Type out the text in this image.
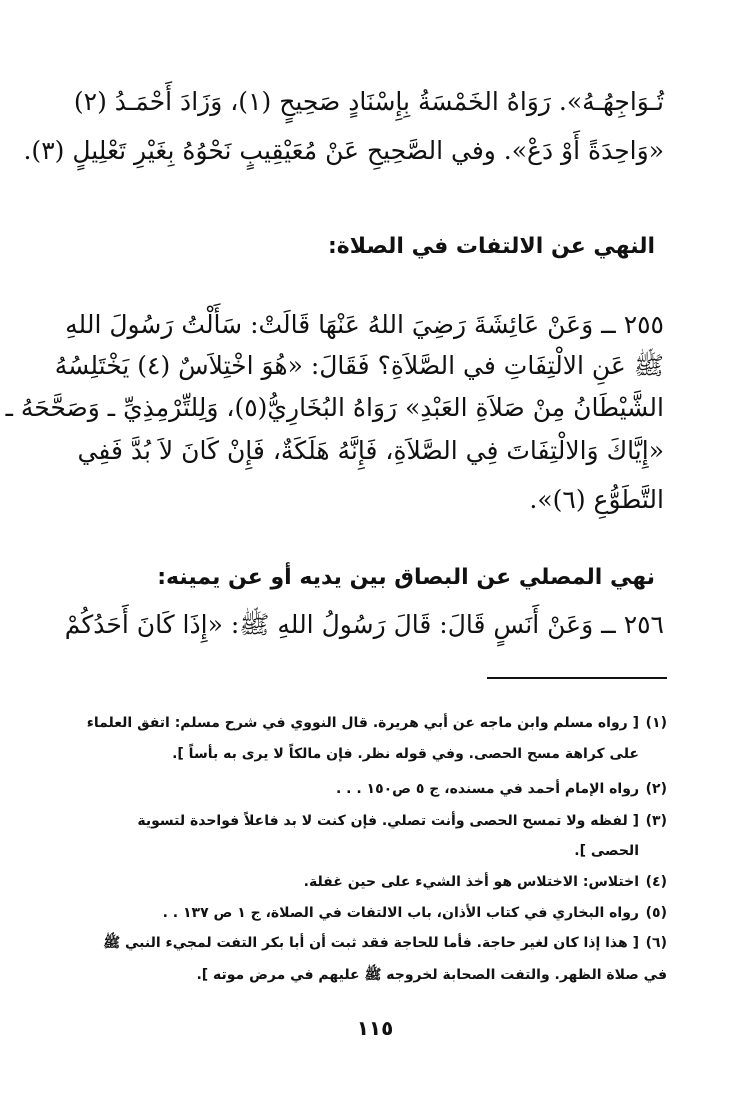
تُـوَاجِهُـهُ». رَوَاهُ الخَمْسَةُ بِإِسْنَادٍ صَحِيحٍ (١)، وَزَادَ أَحْمَـدُ (٢)
«وَاحِدَةً أَوْ دَعْ». وفي الصَّحِيحِ عَنْ مُعَيْقِيبٍ نَحْوُهُ بِغَيْرِ تَعْلِيلٍ (٣).
النهي عن الالتفات في الصلاة:
٢٥٥ ــ وَعَنْ عَائِشَةَ رَضِيَ اللهُ عَنْهَا قَالَتْ: سَأَلْتُ رَسُولَ اللهِ
ﷺ عَنِ الالْتِفَاتِ في الصَّلاَةِ؟ فَقَالَ: «هُوَ اخْتِلاَسٌ (٤) يَخْتَلِسُهُ
الشَّيْطَانُ مِنْ صَلاَةِ العَبْدِ» رَوَاهُ البُخَارِيُّ(٥)، وَلِلتِّرْمِذِيِّ ـ وَصَحَّحَهُ ـ
«إِيَّاكَ وَالالْتِفَاتَ فِي الصَّلاَةِ، فَإِنَّهُ هَلَكَةٌ، فَإِنْ كَانَ لاَ بُدَّ فَفِي
التَّطَوُّعِ (٦)».
نهي المصلي عن البصاق بين يديه أو عن يمينه:
٢٥٦ ــ وَعَنْ أَنَسٍ قَالَ: قَالَ رَسُولُ اللهِ ﷺ: «إِذَا كَانَ أَحَدُكُمْ
(١)[ رواه مسلم وابن ماجه عن أبي هريرة. قال النووي في شرح مسلم: اتفق العلماء
على كراهة مسح الحصى. وفي قوله نظر. فإن مالكاً لا يرى به بأساً ].
(٢)رواه الإمام أحمد في مسنده، ج ٥ ص١٥٠ . . .
(٣)[ لفظه ولا تمسح الحصى وأنت تصلي. فإن كنت لا بد فاعلاً فواحدة لتسوية
الحصى ].
(٤)اختلاس: الاختلاس هو أخذ الشيء على حين غفلة.
(٥)رواه البخاري في كتاب الأذان، باب الالتفات في الصلاة، ج ١ ص ١٣٧ . .
(٦)[ هذا إذا كان لغير حاجة. فأما للحاجة فقد ثبت أن أبا بكر التفت لمجيء النبي ﷺ
في صلاة الظهر. والتفت الصحابة لخروجه ﷺ عليهم في مرض موته ].
١١٥
